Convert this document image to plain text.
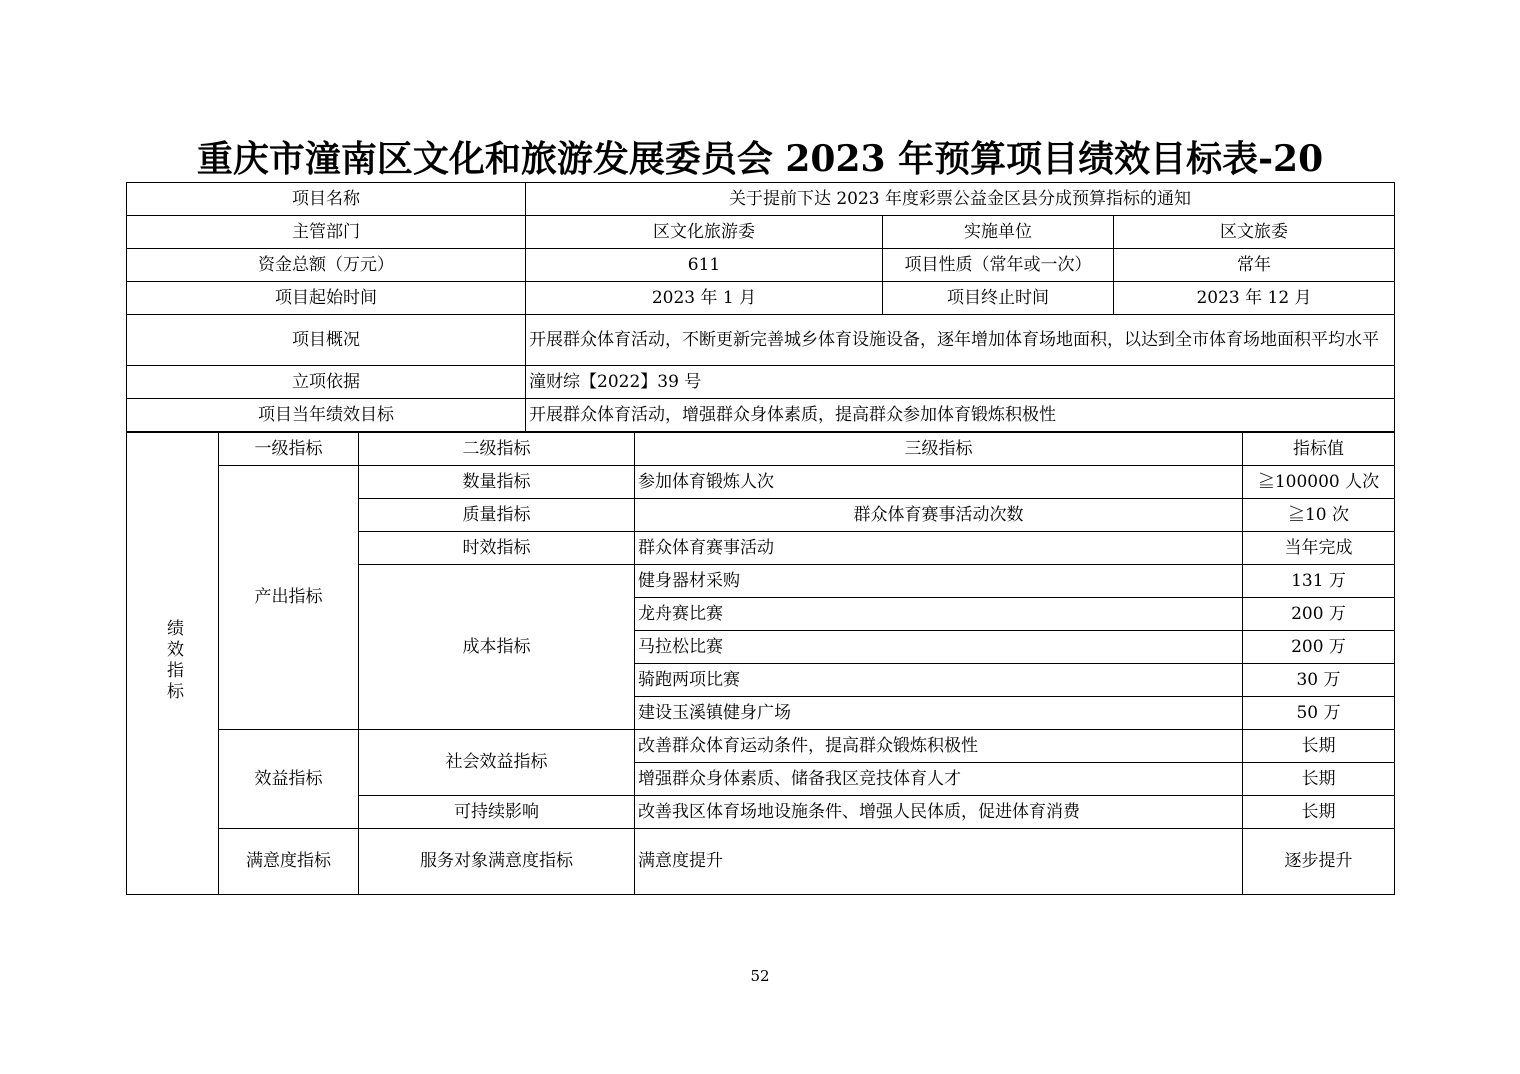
重庆市潼南区文化和旅游发展委员会 2023 年预算项目绩效目标表-20
项目名称	关于提前下达 2023 年度彩票公益金区县分成预算指标的通知		
主管部门	区文化旅游委	实施单位	区文旅委
资金总额（万元）	611	项目性质（常年或一次）	常年
项目起始时间	2023 年 1 月	项目终止时间	2023 年 12 月
项目概况	开展群众体育活动，不断更新完善城乡体育设施设备，逐年增加体育场地面积，以达到全市体育场地面积平均水平		
立项依据	潼财综【2022】39 号		
项目当年绩效目标	开展群众体育活动，增强群众身体素质，提高群众参加体育锻炼积极性		
绩效指标	一级指标	二级指标	三级指标	指标值
	产出指标	数量指标	参加体育锻炼人次	≧100000 人次
		质量指标	群众体育赛事活动次数	≧10 次
		时效指标	群众体育赛事活动	当年完成
		成本指标	健身器材采购	131 万
			龙舟赛比赛	200 万
			马拉松比赛	200 万
			骑跑两项比赛	30 万
			建设玉溪镇健身广场	50 万
	效益指标	社会效益指标	改善群众体育运动条件，提高群众锻炼积极性	长期
			增强群众身体素质、储备我区竞技体育人才	长期
		可持续影响	改善我区体育场地设施条件、增强人民体质，促进体育消费	长期
	满意度指标	服务对象满意度指标	满意度提升	逐步提升
52
